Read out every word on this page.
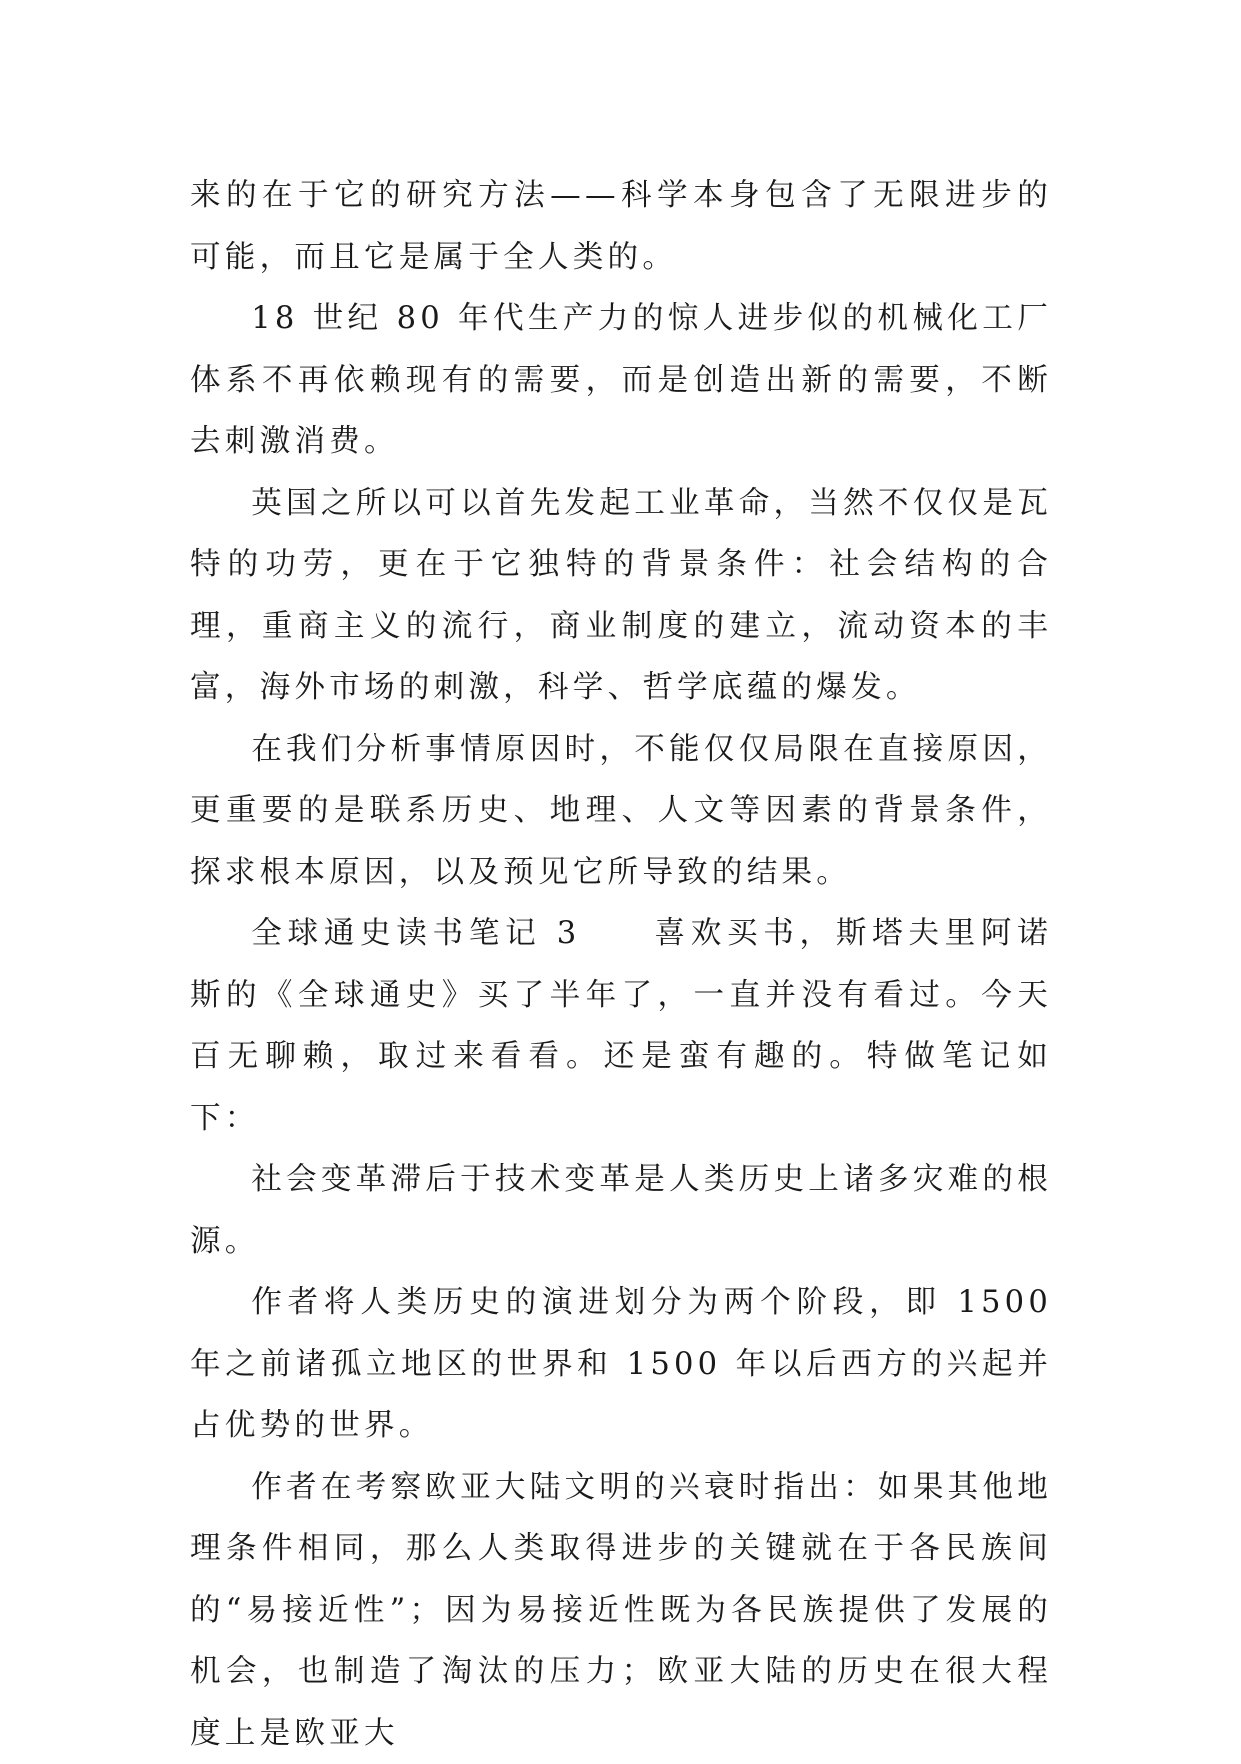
来的在于它的研究方法——科学本身包含了无限进步的可能，而且它是属于全人类的。

18 世纪 80 年代生产力的惊人进步似的机械化工厂体系不再依赖现有的需要，而是创造出新的需要，不断去刺激消费。

英国之所以可以首先发起工业革命，当然不仅仅是瓦特的功劳，更在于它独特的背景条件：社会结构的合理，重商主义的流行，商业制度的建立，流动资本的丰富，海外市场的刺激，科学、哲学底蕴的爆发。

在我们分析事情原因时，不能仅仅局限在直接原因，更重要的是联系历史、地理、人文等因素的背景条件，探求根本原因，以及预见它所导致的结果。

全球通史读书笔记 3　　喜欢买书，斯塔夫里阿诺斯的《全球通史》买了半年了，一直并没有看过。今天百无聊赖，取过来看看。还是蛮有趣的。特做笔记如下：

社会变革滞后于技术变革是人类历史上诸多灾难的根源。

作者将人类历史的演进划分为两个阶段，即 1500 年之前诸孤立地区的世界和 1500 年以后西方的兴起并占优势的世界。

作者在考察欧亚大陆文明的兴衰时指出：如果其他地理条件相同，那么人类取得进步的关键就在于各民族间的“易接近性”；因为易接近性既为各民族提供了发展的机会，也制造了淘汰的压力；欧亚大陆的历史在很大程度上是欧亚大
